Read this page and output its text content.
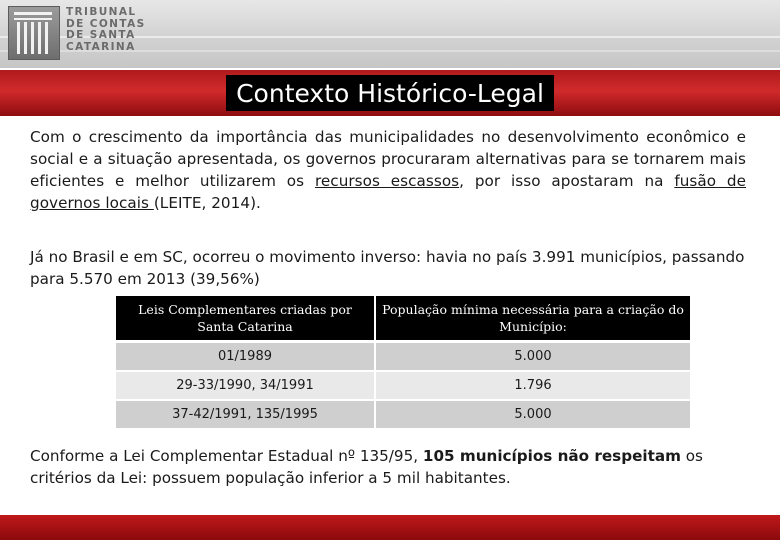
TRIBUNAL
DE CONTAS
DE SANTA
CATARINA
Contexto Histórico-Legal
Com o crescimento da importância das municipalidades no desenvolvimento econômico e social e a situação apresentada, os governos procuraram alternativas para se tornarem mais eficientes e melhor utilizarem os recursos escassos, por isso apostaram na fusão de governos locais (LEITE, 2014).
Já no Brasil e em SC, ocorreu o movimento inverso: havia no país 3.991 municípios, passando para 5.570 em 2013 (39,56%)
Leis Complementares criadas por Santa Catarina	População mínima necessária para a criação do Município:
01/1989	5.000
29-33/1990, 34/1991	1.796
37-42/1991, 135/1995	5.000
Conforme a Lei Complementar Estadual nº 135/95, 105 municípios não respeitam os critérios da Lei: possuem população inferior a 5 mil habitantes.
